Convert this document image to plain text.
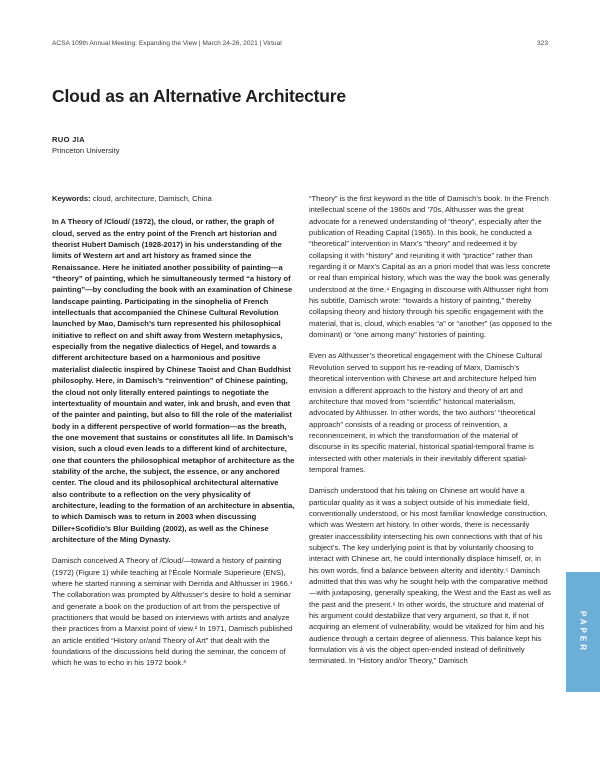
ACSA 109th Annual Meeting: Expanding the View | March 24-26, 2021 | Virtual	323
Cloud as an Alternative Architecture
RUO JIA
Princeton University

Keywords: cloud, architecture, Damisch, China

In A Theory of /Cloud/ (1972), the cloud, or rather, the graph of cloud, served as the entry point of the French art historian and theorist Hubert Damisch (1928-2017) in his understanding of the limits of Western art and art history as framed since the Renaissance. Here he initiated another possibility of painting—a “theory” of painting, which he simultaneously termed “a history of painting”—by concluding the book with an examination of Chinese landscape painting. Participating in the sinophelia of French intellectuals that accompanied the Chinese Cultural Revolution launched by Mao, Damisch’s turn represented his philosophical initiative to reflect on and shift away from Western metaphysics, especially from the negative dialectics of Hegel, and towards a different architecture based on a harmonious and positive materialist dialectic inspired by Chinese Taoist and Chan Buddhist philosophy. Here, in Damisch’s “reinvention” of Chinese painting, the cloud not only literally entered paintings to negotiate the intertextuality of mountain and water, ink and brush, and even that of the painter and painting, but also to fill the role of the materialist body in a different perspective of world formation—as the breath, the one movement that sustains or constitutes all life. In Damisch’s vision, such a cloud even leads to a different kind of architecture, one that counters the philosophical metaphor of architecture as the stability of the arche, the subject, the essence, or any anchored center. The cloud and its philosophical architectural alternative also contribute to a reflection on the very physicality of architecture, leading to the formation of an architecture in absentia, to which Damisch was to return in 2003 when discussing Diller+Scofidio’s Blur Building (2002), as well as the Chinese architecture of the Ming Dynasty.

Damisch conceived A Theory of /Cloud/—toward a history of painting (1972) (Figure 1) while teaching at l’École Normale Superieure (ENS), where he started running a seminar with Derrida and Althusser in 1966.¹ The collaboration was prompted by Althusser’s desire to hold a seminar and generate a book on the production of art from the perspective of practitioners that would be based on interviews with artists and analyze their practices from a Marxist point of view.² In 1971, Damisch published an article entitled “History or/and Theory of Art” that dealt with the foundations of the discussions held during the seminar, the concern of which he was to echo in his 1972 book.³

“Theory” is the first keyword in the title of Damisch’s book. In the French intellectual scene of the 1960s and ’70s, Althusser was the great advocate for a renewed understanding of “theory”, especially after the publication of Reading Capital (1965). In this book, he conducted a “theoretical” intervention in Marx’s “theory” and redeemed it by collapsing it with “history” and reuniting it with “practice” rather than regarding it or Marx’s Capital as an a priori model that was less concrete or real than empirical history, which was the way the book was generally understood at the time.⁴ Engaging in discourse with Althusser right from his subtitle, Damisch wrote: “towards a history of painting,” thereby collapsing theory and history through his specific engagement with the material, that is, cloud, which enables “a” or “another” (as opposed to the dominant) or “one among many” histories of painting.

Even as Althusser’s theoretical engagement with the Chinese Cultural Revolution served to support his re-reading of Marx, Damisch’s theoretical intervention with Chinese art and architecture helped him envision a different approach to the history and theory of art and architecture that moved from “scientific” historical materialism, advocated by Althusser. In other words, the two authors’ “theoretical approach” consists of a reading or process of reinvention, a reconnencement, in which the transformation of the material of discourse in its specific material, historical spatial-temporal frame is intersected with other materials in their inevitably different spatial-temporal frames.

Damisch understood that his taking on Chinese art would have a particular quality as it was a subject outside of his immediate field, conventionally understood, or his most familiar knowledge construction, which was Western art history. In other words, there is necessarily greater inaccessibility intersecting his own connections with that of his subject’s. The key underlying point is that by voluntarily choosing to interact with Chinese art, he could intentionally displace himself, or, in his own words, find a balance between alterity and identity.⁵ Damisch admitted that this was why he sought help with the comparative method—with juxtaposing, generally speaking, the West and the East as well as the past and the present.⁶ In other words, the structure and material of his argument could destabilize that very argument, so that it, if not acquiring an element of vulnerability, would be vitalized for him and his audience through a certain degree of alienness. This balance kept his formulation vis à vis the object open-ended instead of definitively terminated. In “History and/or Theory,” Damisch

PAPER
